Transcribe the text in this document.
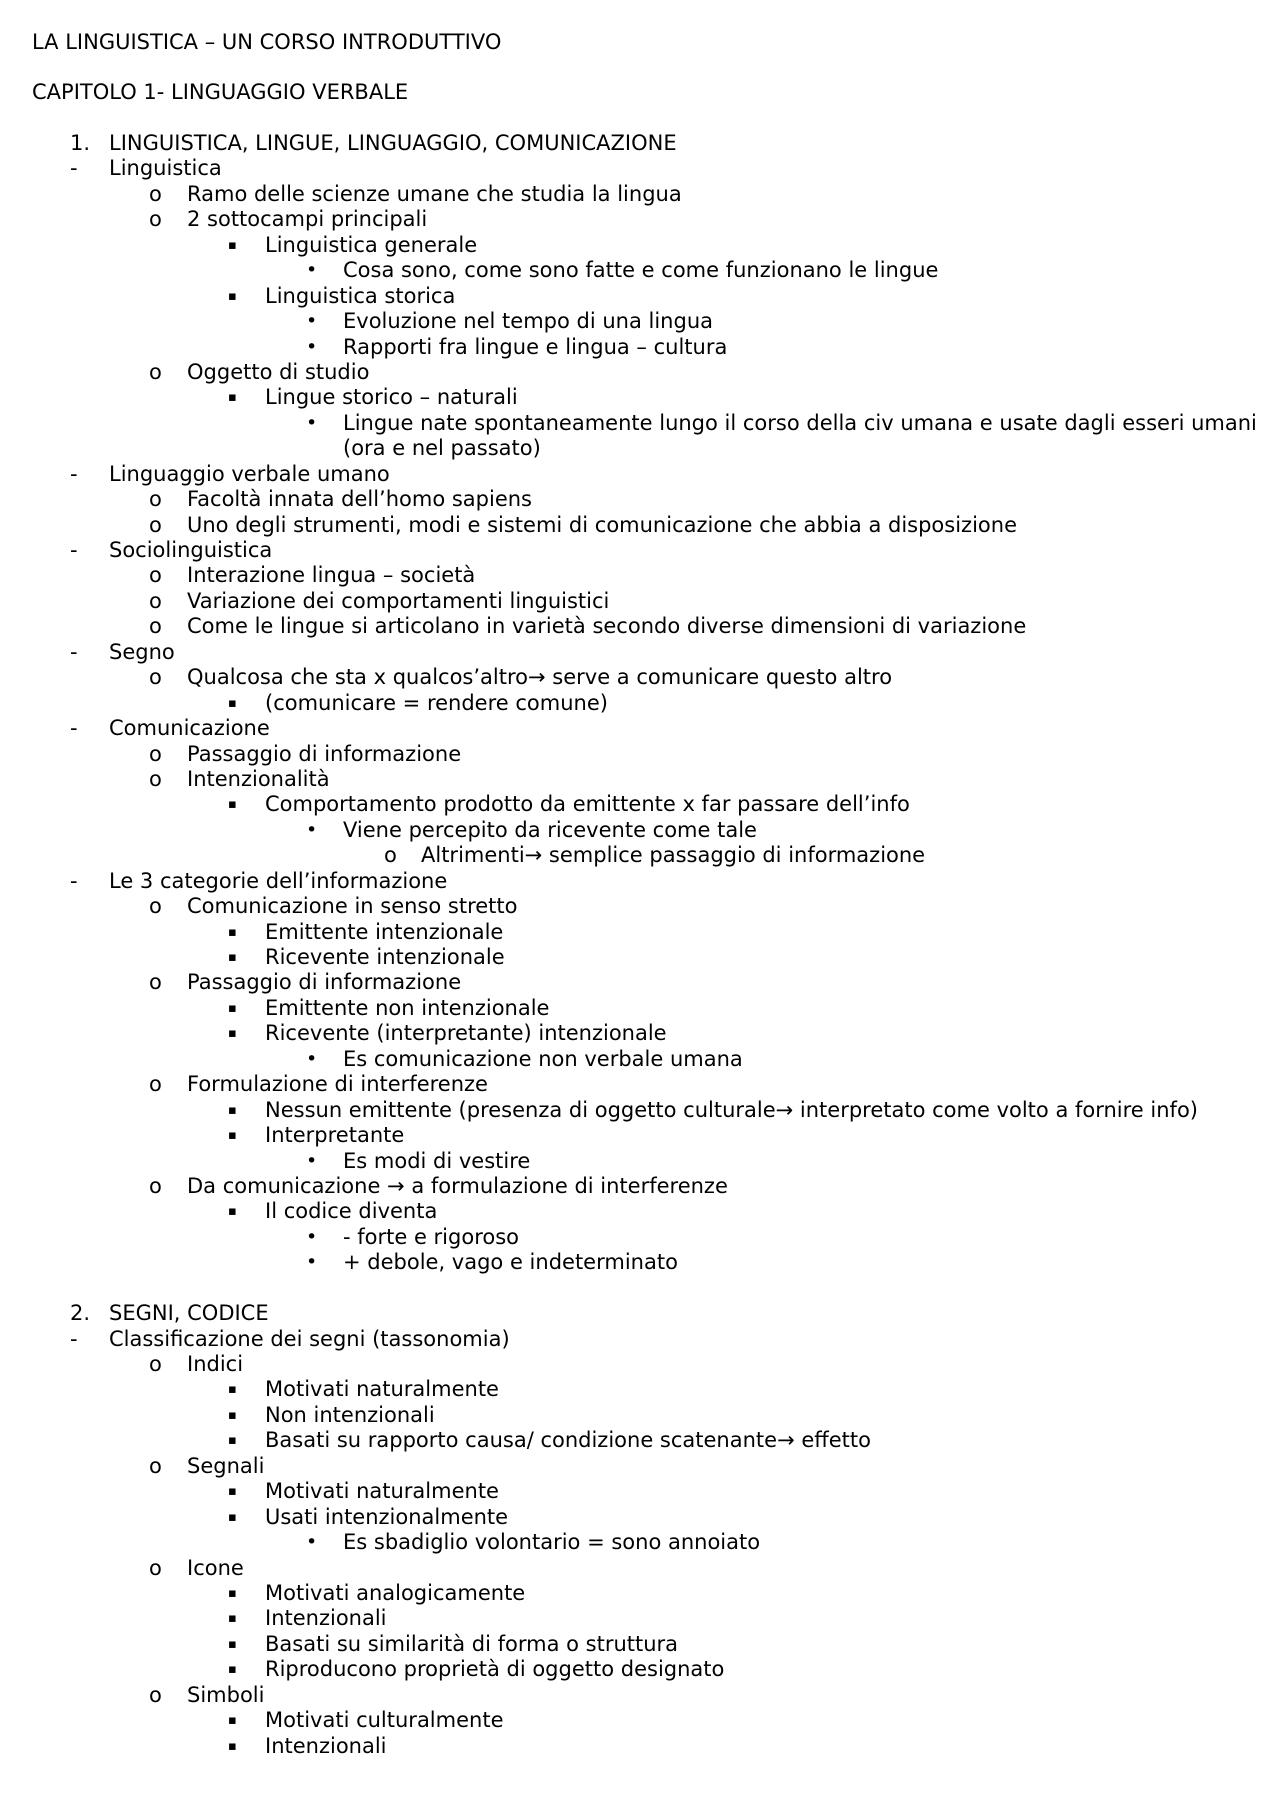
LA LINGUISTICA – UN CORSO INTRODUTTIVO
CAPITOLO 1- LINGUAGGIO VERBALE
1. LINGUISTICA, LINGUE, LINGUAGGIO, COMUNICAZIONE
- Linguistica
o Ramo delle scienze umane che studia la lingua
o 2 sottocampi principali
▪ Linguistica generale
• Cosa sono, come sono fatte e come funzionano le lingue
▪ Linguistica storica
• Evoluzione nel tempo di una lingua
• Rapporti fra lingue e lingua – cultura
o Oggetto di studio
▪ Lingue storico – naturali
• Lingue nate spontaneamente lungo il corso della civ umana e usate dagli esseri umani (ora e nel passato)
- Linguaggio verbale umano
o Facoltà innata dell’homo sapiens
o Uno degli strumenti, modi e sistemi di comunicazione che abbia a disposizione
- Sociolinguistica
o Interazione lingua – società
o Variazione dei comportamenti linguistici
o Come le lingue si articolano in varietà secondo diverse dimensioni di variazione
- Segno
o Qualcosa che sta x qualcos’altro→ serve a comunicare questo altro
▪ (comunicare = rendere comune)
- Comunicazione
o Passaggio di informazione
o Intenzionalità
▪ Comportamento prodotto da emittente x far passare dell’info
• Viene percepito da ricevente come tale
o Altrimenti→ semplice passaggio di informazione
- Le 3 categorie dell’informazione
o Comunicazione in senso stretto
▪ Emittente intenzionale
▪ Ricevente intenzionale
o Passaggio di informazione
▪ Emittente non intenzionale
▪ Ricevente (interpretante) intenzionale
• Es comunicazione non verbale umana
o Formulazione di interferenze
▪ Nessun emittente (presenza di oggetto culturale→ interpretato come volto a fornire info)
▪ Interpretante
• Es modi di vestire
o Da comunicazione → a formulazione di interferenze
▪ Il codice diventa
• - forte e rigoroso
• + debole, vago e indeterminato
2. SEGNI, CODICE
- Classificazione dei segni (tassonomia)
o Indici
▪ Motivati naturalmente
▪ Non intenzionali
▪ Basati su rapporto causa/ condizione scatenante→ effetto
o Segnali
▪ Motivati naturalmente
▪ Usati intenzionalmente
• Es sbadiglio volontario = sono annoiato
o Icone
▪ Motivati analogicamente
▪ Intenzionali
▪ Basati su similarità di forma o struttura
▪ Riproducono proprietà di oggetto designato
o Simboli
▪ Motivati culturalmente
▪ Intenzionali
